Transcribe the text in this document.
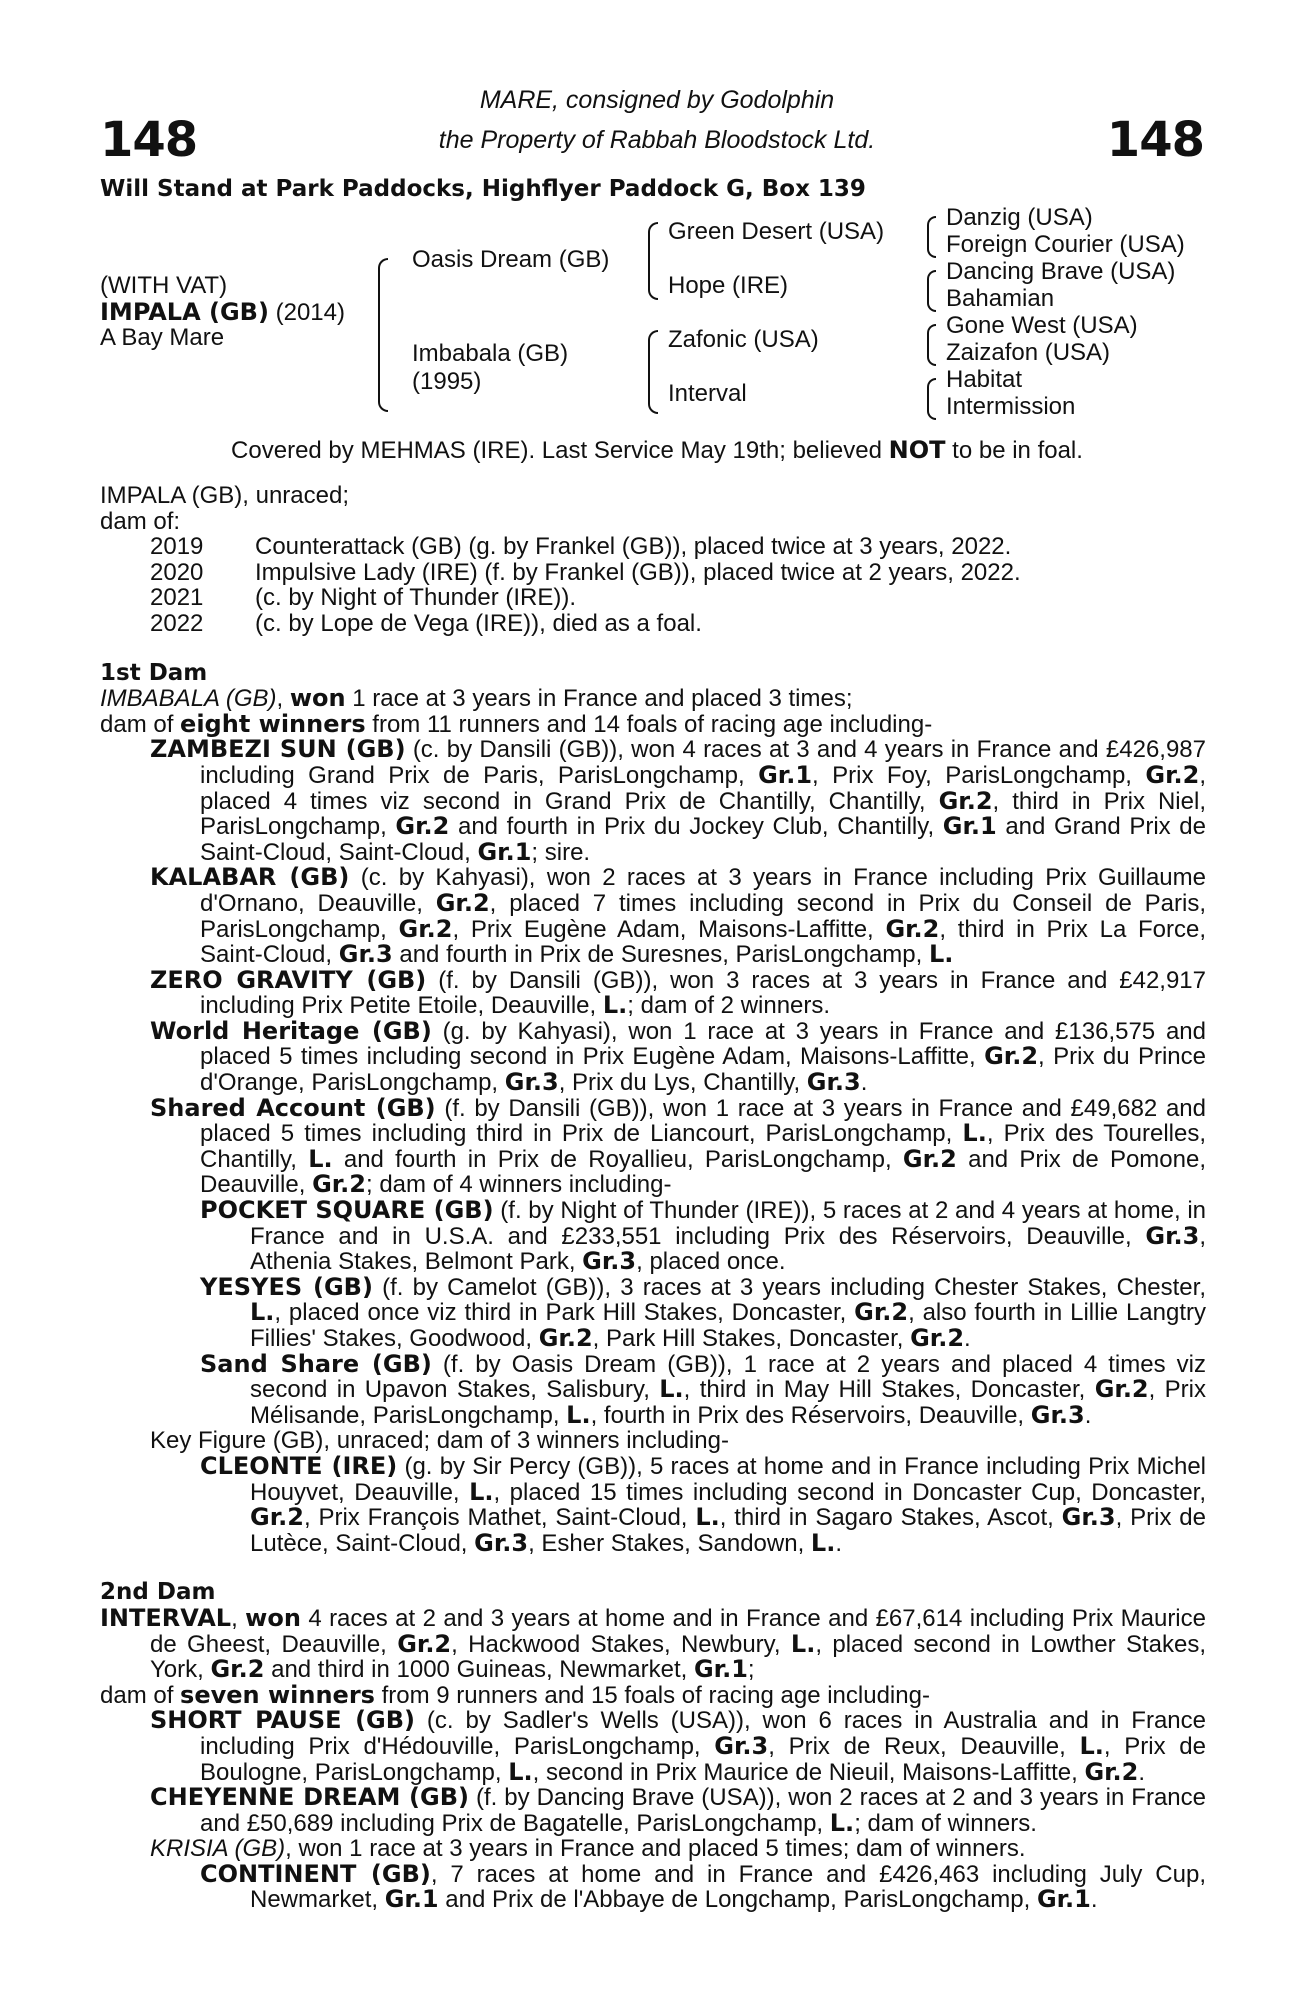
148	148
MARE, consigned by Godolphin
the Property of Rabbah Bloodstock Ltd.
Will Stand at Park Paddocks, Highflyer Paddock G, Box 139
(WITH VAT)
IMPALA (GB) (2014)
A Bay Mare
Oasis Dream (GB)
Imbabala (GB)
(1995)
Green Desert (USA)
Hope (IRE)
Zafonic (USA)
Interval
Danzig (USA)
Foreign Courier (USA)
Dancing Brave (USA)
Bahamian
Gone West (USA)
Zaizafon (USA)
Habitat
Intermission
Covered by MEHMAS (IRE). Last Service May 19th; believed NOT to be in foal.
IMPALA (GB), unraced;
dam of:
2019	Counterattack (GB) (g. by Frankel (GB)), placed twice at 3 years, 2022.
2020	Impulsive Lady (IRE) (f. by Frankel (GB)), placed twice at 2 years, 2022.
2021	(c. by Night of Thunder (IRE)).
2022	(c. by Lope de Vega (IRE)), died as a foal.
1st Dam
IMBABALA (GB), won 1 race at 3 years in France and placed 3 times;
dam of eight winners from 11 runners and 14 foals of racing age including-
ZAMBEZI SUN (GB) (c. by Dansili (GB)), won 4 races at 3 and 4 years in France and £426,987 including Grand Prix de Paris, ParisLongchamp, Gr.1, Prix Foy, ParisLongchamp, Gr.2, placed 4 times viz second in Grand Prix de Chantilly, Chantilly, Gr.2, third in Prix Niel, ParisLongchamp, Gr.2 and fourth in Prix du Jockey Club, Chantilly, Gr.1 and Grand Prix de Saint-Cloud, Saint-Cloud, Gr.1; sire.
KALABAR (GB) (c. by Kahyasi), won 2 races at 3 years in France including Prix Guillaume d'Ornano, Deauville, Gr.2, placed 7 times including second in Prix du Conseil de Paris, ParisLongchamp, Gr.2, Prix Eugène Adam, Maisons-Laffitte, Gr.2, third in Prix La Force, Saint-Cloud, Gr.3 and fourth in Prix de Suresnes, ParisLongchamp, L.
ZERO GRAVITY (GB) (f. by Dansili (GB)), won 3 races at 3 years in France and £42,917 including Prix Petite Etoile, Deauville, L.; dam of 2 winners.
World Heritage (GB) (g. by Kahyasi), won 1 race at 3 years in France and £136,575 and placed 5 times including second in Prix Eugène Adam, Maisons-Laffitte, Gr.2, Prix du Prince d'Orange, ParisLongchamp, Gr.3, Prix du Lys, Chantilly, Gr.3.
Shared Account (GB) (f. by Dansili (GB)), won 1 race at 3 years in France and £49,682 and placed 5 times including third in Prix de Liancourt, ParisLongchamp, L., Prix des Tourelles, Chantilly, L. and fourth in Prix de Royallieu, ParisLongchamp, Gr.2 and Prix de Pomone, Deauville, Gr.2; dam of 4 winners including-
POCKET SQUARE (GB) (f. by Night of Thunder (IRE)), 5 races at 2 and 4 years at home, in France and in U.S.A. and £233,551 including Prix des Réservoirs, Deauville, Gr.3, Athenia Stakes, Belmont Park, Gr.3, placed once.
YESYES (GB) (f. by Camelot (GB)), 3 races at 3 years including Chester Stakes, Chester, L., placed once viz third in Park Hill Stakes, Doncaster, Gr.2, also fourth in Lillie Langtry Fillies' Stakes, Goodwood, Gr.2, Park Hill Stakes, Doncaster, Gr.2.
Sand Share (GB) (f. by Oasis Dream (GB)), 1 race at 2 years and placed 4 times viz second in Upavon Stakes, Salisbury, L., third in May Hill Stakes, Doncaster, Gr.2, Prix Mélisande, ParisLongchamp, L., fourth in Prix des Réservoirs, Deauville, Gr.3.
Key Figure (GB), unraced; dam of 3 winners including-
CLEONTE (IRE) (g. by Sir Percy (GB)), 5 races at home and in France including Prix Michel Houyvet, Deauville, L., placed 15 times including second in Doncaster Cup, Doncaster, Gr.2, Prix François Mathet, Saint-Cloud, L., third in Sagaro Stakes, Ascot, Gr.3, Prix de Lutèce, Saint-Cloud, Gr.3, Esher Stakes, Sandown, L..
2nd Dam
INTERVAL, won 4 races at 2 and 3 years at home and in France and £67,614 including Prix Maurice de Gheest, Deauville, Gr.2, Hackwood Stakes, Newbury, L., placed second in Lowther Stakes, York, Gr.2 and third in 1000 Guineas, Newmarket, Gr.1;
dam of seven winners from 9 runners and 15 foals of racing age including-
SHORT PAUSE (GB) (c. by Sadler's Wells (USA)), won 6 races in Australia and in France including Prix d'Hédouville, ParisLongchamp, Gr.3, Prix de Reux, Deauville, L., Prix de Boulogne, ParisLongchamp, L., second in Prix Maurice de Nieuil, Maisons-Laffitte, Gr.2.
CHEYENNE DREAM (GB) (f. by Dancing Brave (USA)), won 2 races at 2 and 3 years in France and £50,689 including Prix de Bagatelle, ParisLongchamp, L.; dam of winners.
KRISIA (GB), won 1 race at 3 years in France and placed 5 times; dam of winners.
CONTINENT (GB), 7 races at home and in France and £426,463 including July Cup, Newmarket, Gr.1 and Prix de l'Abbaye de Longchamp, ParisLongchamp, Gr.1.
